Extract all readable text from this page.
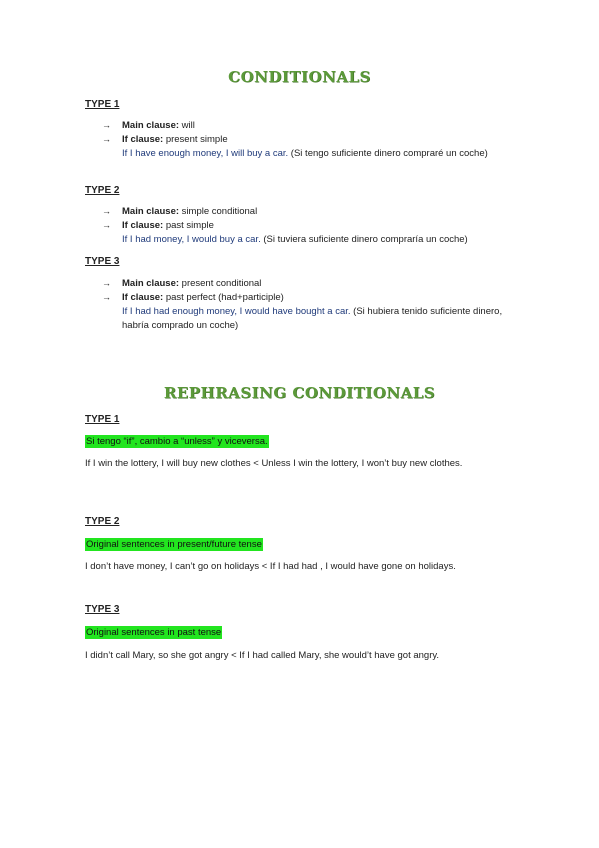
CONDITIONALS
TYPE 1
→ Main clause: will
→ If clause: present simple
If I have enough money, I will buy a car. (Si tengo suficiente dinero compraré un coche)
TYPE 2
→ Main clause: simple conditional
→ If clause: past simple
If I had money, I would buy a car. (Si tuviera suficiente dinero compraría un coche)
TYPE 3
→ Main clause: present conditional
→ If clause: past perfect (had+participle)
If I had had enough money, I would have bought a car. (Si hubiera tenido suficiente dinero, habría comprado un coche)
REPHRASING CONDITIONALS
TYPE 1
Si tengo “if”, cambio a “unless” y viceversa.
If I win the lottery, I will buy new clothes < Unless I win the lottery, I won’t buy new clothes.
TYPE 2
Original sentences in present/future tense
I don’t have money, I can’t go on holidays < If I had had , I would have gone on holidays.
TYPE 3
Original sentences in past tense
I didn’t call Mary, so she got angry < If I had called Mary, she would’t have got angry.
